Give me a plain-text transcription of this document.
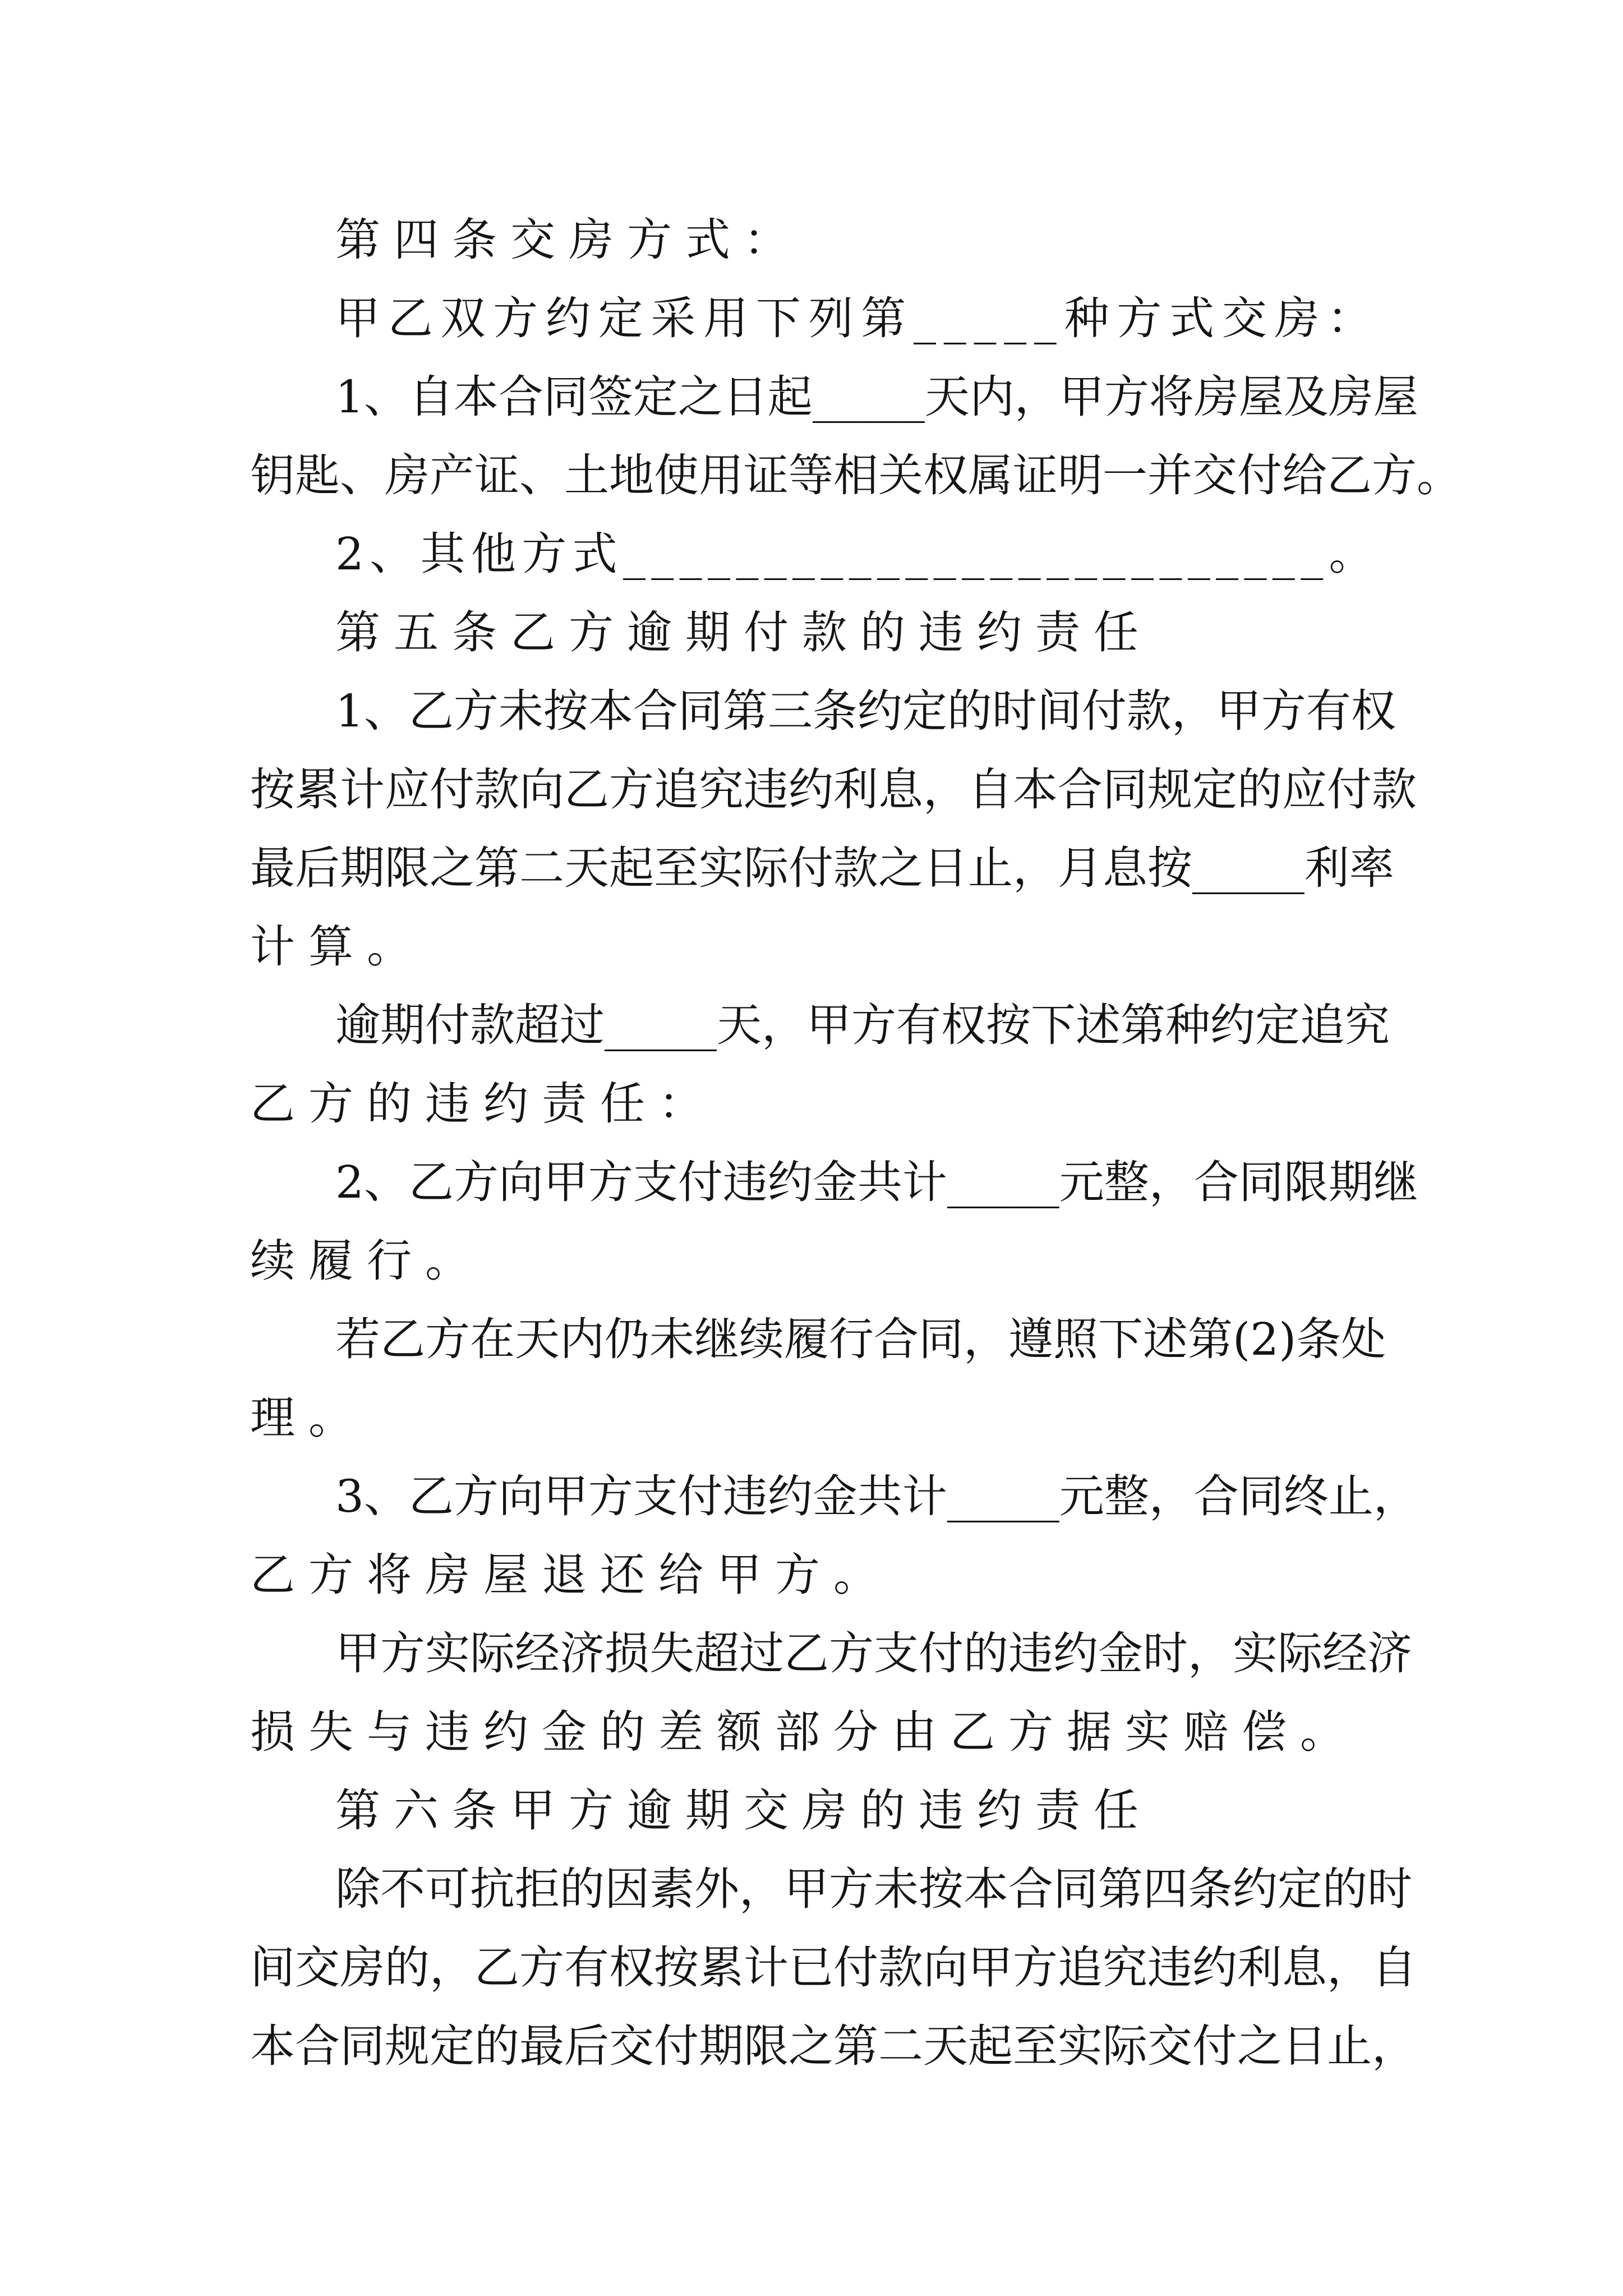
第四条交房方式：
甲乙双方约定采用下列第_____种方式交房：
1、自本合同签定之日起_____天内，甲方将房屋及房屋
钥匙、房产证、土地使用证等相关权属证明一并交付给乙方。
2、其他方式_________________________。
第五条乙方逾期付款的违约责任
1、乙方未按本合同第三条约定的时间付款，甲方有权
按累计应付款向乙方追究违约利息，自本合同规定的应付款
最后期限之第二天起至实际付款之日止，月息按_____利率
计算。
逾期付款超过_____天，甲方有权按下述第种约定追究
乙方的违约责任：
2、乙方向甲方支付违约金共计_____元整，合同限期继
续履行。
若乙方在天内仍未继续履行合同，遵照下述第(2)条处
理。
3、乙方向甲方支付违约金共计_____元整，合同终止，
乙方将房屋退还给甲方。
甲方实际经济损失超过乙方支付的违约金时，实际经济
损失与违约金的差额部分由乙方据实赔偿。
第六条甲方逾期交房的违约责任
除不可抗拒的因素外，甲方未按本合同第四条约定的时
间交房的，乙方有权按累计已付款向甲方追究违约利息，自
本合同规定的最后交付期限之第二天起至实际交付之日止，
